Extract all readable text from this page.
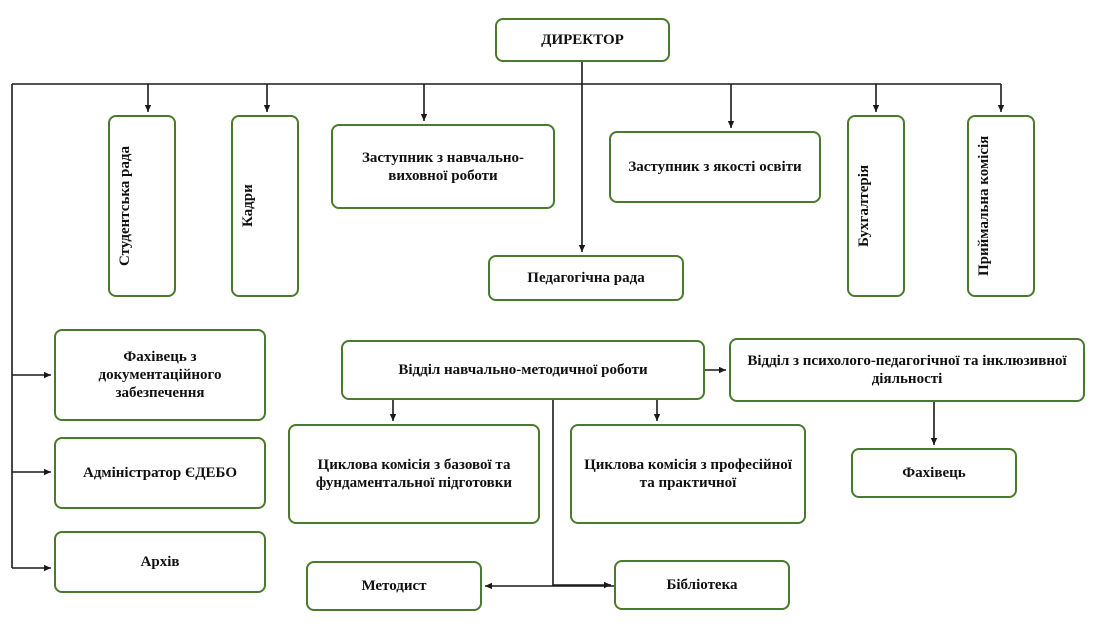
ДИРЕКТОР
Студентська рада	Кадри
Заступник з навчально-виховної роботи
Заступник з якості освіти	Бухгалтерія	Приймальна комісія
Педагогічна рада
Фахівець з документаційного забезпечення
Адміністратор ЄДЕБО
Архів
Відділ навчально-методичної роботи
Відділ з психолого-педагогічної та інклюзивної діяльності
Циклова комісія з базової та фундаментальної підготовки
Циклова комісія з професійної та практичної
Фахівець
Методист	Бібліотека
